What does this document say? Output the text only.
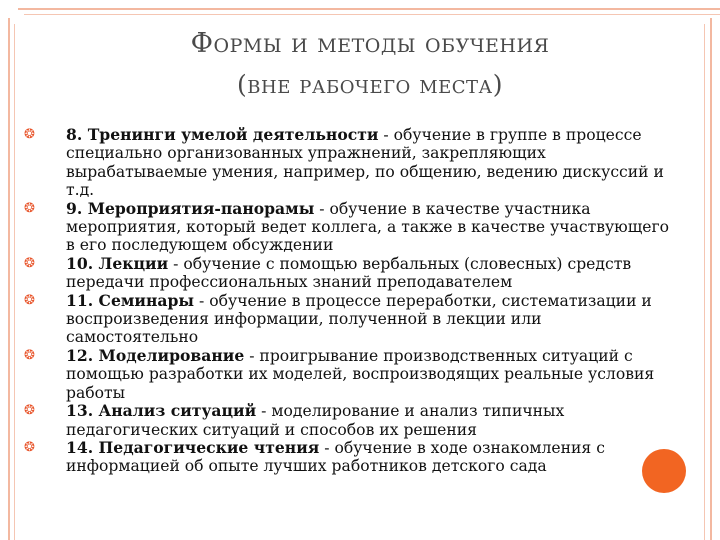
Формы и методы обучения
(вне рабочего места)
❂ 8. Тренинги умелой деятельности - обучение в группе в процессе специально организованных упражнений, закрепляющих вырабатываемые умения, например, по общению, ведению дискуссий и т.д.
❂ 9. Мероприятия-панорамы - обучение в качестве участника мероприятия, который ведет коллега, а также в качестве участвующего в его последующем обсуждении
❂ 10. Лекции - обучение с помощью вербальных (словесных) средств передачи профессиональных знаний преподавателем
❂ 11. Семинары - обучение в процессе переработки, систематизации и воспроизведения информации, полученной в лекции или самостоятельно
❂ 12. Моделирование - проигрывание производственных ситуаций с помощью разработки их моделей, воспроизводящих реальные условия работы
❂ 13. Анализ ситуаций - моделирование и анализ типичных педагогических ситуаций и способов их решения
❂ 14. Педагогические чтения - обучение в ходе ознакомления с информацией об опыте лучших работников детского сада
